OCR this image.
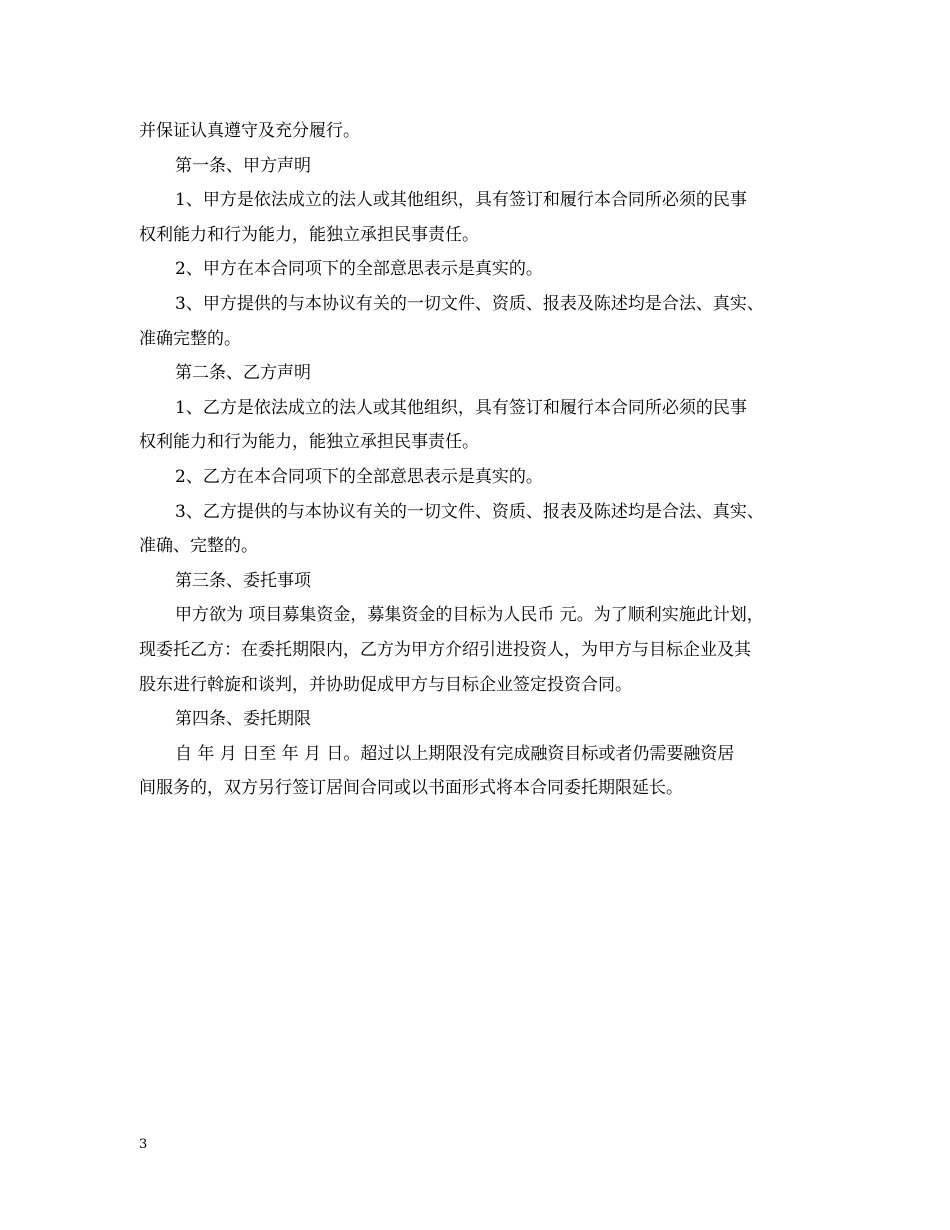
并保证认真遵守及充分履行。

第一条、甲方声明

1、甲方是依法成立的法人或其他组织，具有签订和履行本合同所必须的民事

权利能力和行为能力，能独立承担民事责任。

2、甲方在本合同项下的全部意思表示是真实的。

3、甲方提供的与本协议有关的一切文件、资质、报表及陈述均是合法、真实、

准确完整的。

第二条、乙方声明

1、乙方是依法成立的法人或其他组织，具有签订和履行本合同所必须的民事

权利能力和行为能力，能独立承担民事责任。

2、乙方在本合同项下的全部意思表示是真实的。

3、乙方提供的与本协议有关的一切文件、资质、报表及陈述均是合法、真实、

准确、完整的。

第三条、委托事项

甲方欲为 项目募集资金，募集资金的目标为人民币 元。为了顺利实施此计划，

现委托乙方：在委托期限内，乙方为甲方介绍引进投资人，为甲方与目标企业及其

股东进行斡旋和谈判，并协助促成甲方与目标企业签定投资合同。

第四条、委托期限

自 年 月 日至 年 月 日。超过以上期限没有完成融资目标或者仍需要融资居

间服务的，双方另行签订居间合同或以书面形式将本合同委托期限延长。

3
